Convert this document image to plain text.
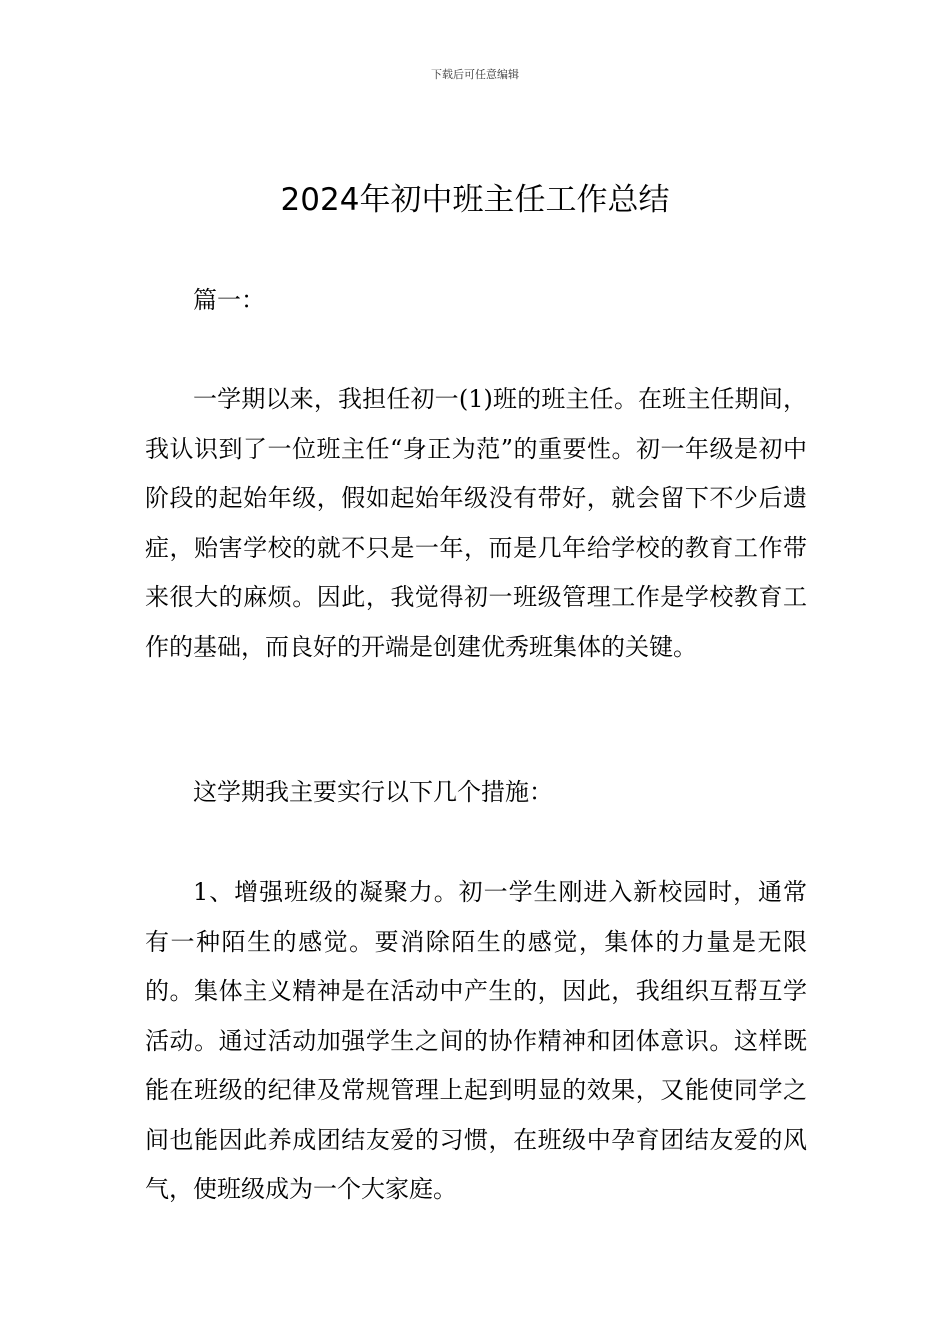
下载后可任意编辑
2024年初中班主任工作总结

篇一：

一学期以来，我担任初一(1)班的班主任。在班主任期间，我认识到了一位班主任“身正为范”的重要性。初一年级是初中阶段的起始年级，假如起始年级没有带好，就会留下不少后遗症，贻害学校的就不只是一年，而是几年给学校的教育工作带来很大的麻烦。因此，我觉得初一班级管理工作是学校教育工作的基础，而良好的开端是创建优秀班集体的关键。

这学期我主要实行以下几个措施：

1、增强班级的凝聚力。初一学生刚进入新校园时，通常有一种陌生的感觉。要消除陌生的感觉，集体的力量是无限的。集体主义精神是在活动中产生的，因此，我组织互帮互学活动。通过活动加强学生之间的协作精神和团体意识。这样既能在班级的纪律及常规管理上起到明显的效果，又能使同学之间也能因此养成团结友爱的习惯，在班级中孕育团结友爱的风气，使班级成为一个大家庭。
